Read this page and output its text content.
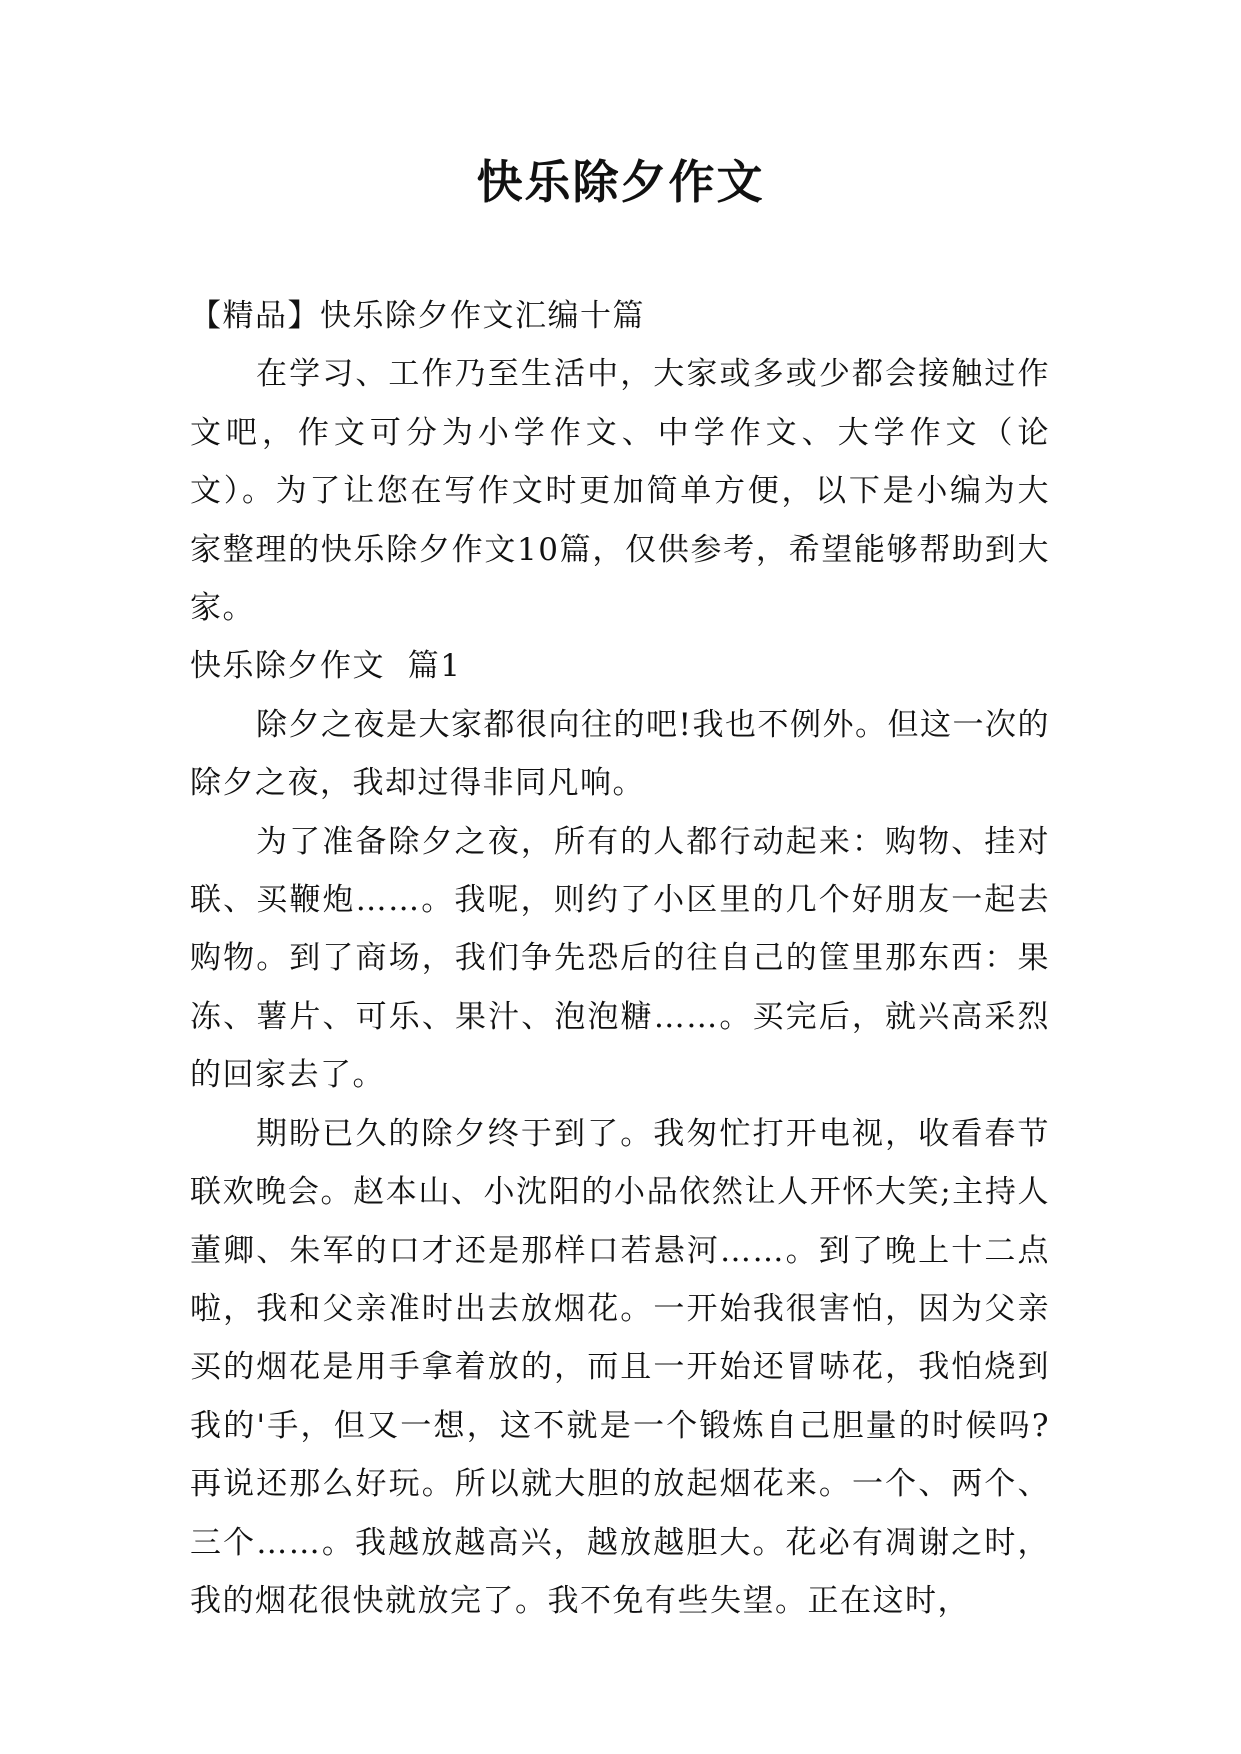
快乐除夕作文

【精品】快乐除夕作文汇编十篇

在学习、工作乃至生活中，大家或多或少都会接触过作文吧，作文可分为小学作文、中学作文、大学作文（论文）。为了让您在写作文时更加简单方便，以下是小编为大家整理的快乐除夕作文10篇，仅供参考，希望能够帮助到大家。

快乐除夕作文  篇1

除夕之夜是大家都很向往的吧!我也不例外。但这一次的除夕之夜，我却过得非同凡响。

为了准备除夕之夜，所有的人都行动起来：购物、挂对联、买鞭炮……。我呢，则约了小区里的几个好朋友一起去购物。到了商场，我们争先恐后的往自己的筐里那东西：果冻、薯片、可乐、果汁、泡泡糖……。买完后，就兴高采烈的回家去了。

期盼已久的除夕终于到了。我匆忙打开电视，收看春节联欢晚会。赵本山、小沈阳的小品依然让人开怀大笑;主持人董卿、朱军的口才还是那样口若悬河……。到了晚上十二点啦，我和父亲准时出去放烟花。一开始我很害怕，因为父亲买的烟花是用手拿着放的，而且一开始还冒哧花，我怕烧到我的'手，但又一想，这不就是一个锻炼自己胆量的时候吗?再说还那么好玩。所以就大胆的放起烟花来。一个、两个、三个……。我越放越高兴，越放越胆大。花必有凋谢之时，我的烟花很快就放完了。我不免有些失望。正在这时，
